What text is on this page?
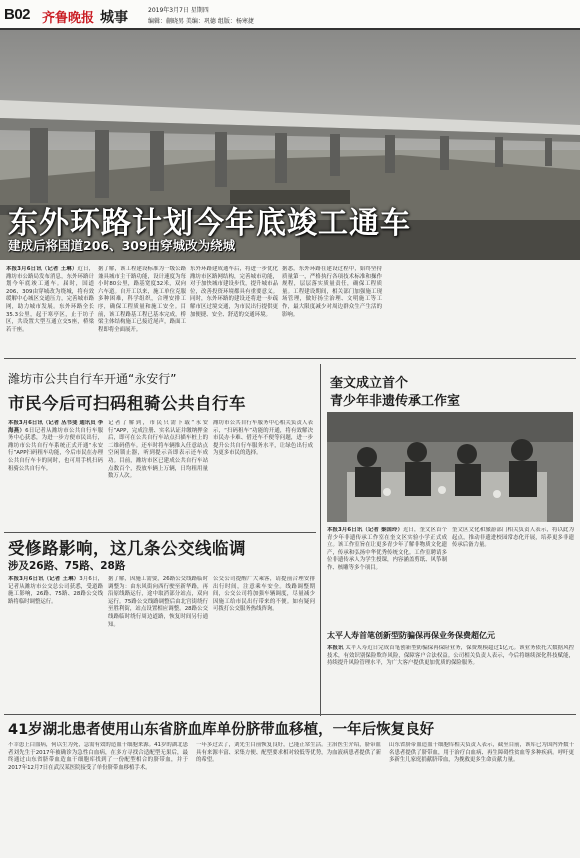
B02 齐鲁晚报 城事	2019年3月7日 星期四
编辑：蒯晓男 美编：巩德 组版：杨寒捷
东外环路计划今年底竣工通车
建成后将国道206、309由穿城改为绕城
本报3月6日讯（记者 王琳）近日，潍坊市公路局发布消息，东外环路计划今年底竣工通车。届时，国道206、309由穿城改为绕城，将有效缓解中心城区交通压力，完善城市路网，助力城市发展。东外环路全长35.3公里，起于寒亭区，止于坊子区，共设置大型互通立交5座，桥梁若干座。
据了解，该工程建设标准为一级公路兼具城市主干路功能，设计速度为每小时80公里，路基宽度32米，双向六车道。自开工以来，施工单位克服多种困难，科学组织，合理安排工序，确保工程质量和施工安全。目前，该工程路基工程已基本完成，桥梁主体结构施工已接近尾声，路面工程即将全面展开。
东外环路建成通车后，将进一步优化潍坊市区路网结构，完善城市功能，对于加快城市建设步伐，提升城市品位，改善投资环境都具有重要意义。同时，东外环路的建设还将进一步疏解市区过境交通，为市民出行提供更加便捷、安全、舒适的交通环境。
据悉，东外环路在建设过程中，始终坚持质量第一，严格执行各项技术标准和操作规程，层层落实质量责任，确保工程质量。工程建设期间，相关部门加强施工现场管理，做好扬尘治理、文明施工等工作，最大限度减少对周边群众生产生活的影响。
潍坊市公共自行车开通“永安行”
市民今后可扫码租骑公共自行车
本报3月6日讯（记者 丛书斐 通讯员 李海燕）6日记者从潍坊市公共自行车服务中心获悉，为进一步方便市民出行，潍坊市公共自行车系统正式开通“永安行”APP扫码租车功能，今后市民在办理公共自行车卡的同时，也可用手机扫码租骑公共自行车。
记者了解到，市民只需下载“永安行”APP，完成注册、实名认证并缴纳押金后，即可在公共自行车站点扫描车桩上的二维码借车。还车时将车辆推入任意站点空闲锁止器，听到提示音即表示还车成功。目前，潍坊市区已建成公共自行车站点数百个，投放车辆上万辆，日均租用量数万人次。
潍坊市公共自行车服务中心相关负责人表示，“扫码租车”功能的开通，将有效解决市民办卡难、借还车不便等问题，进一步提升公共自行车服务水平，让绿色出行成为更多市民的选择。
奎文成立首个
青少年非遗传承工作室
本报3月6日讯（记者 秦国玲）近日，奎文区首个青少年非遗传承工作室在奎文区实验小学正式成立。该工作室旨在让更多青少年了解非物质文化遗产，传承和弘扬中华优秀传统文化。工作室聘请多位非遗传承人为学生授课，内容涵盖剪纸、风筝制作、核雕等多个项目。
奎文区文化和旅游部门相关负责人表示，将以此为起点，推动非遗进校园常态化开展，培养更多非遗传承后备力量。
太平人寿首笔创新型防骗保再保业务保费超亿元
本报讯 太平人寿近日完成首笔创新型防骗保再保险业务，保费规模超过1亿元。该业务依托大数据风控技术，有效识别保险欺诈风险，保障客户合法权益。公司相关负责人表示，今后将继续深化科技赋能，持续提升风险管理水平，为广大客户提供更加优质的保险服务。
受修路影响，这几条公交线临调
涉及26路、75路、28路
本报3月6日讯（记者 王琳）3月6日，记者从潍坊市公交总公司获悉，受道路施工影响，26路、75路、28路公交线路将临时调整运行。
据了解，因施工需要，26路公交线路临时调整为：由东风街向西行驶至新华路，再沿原线路运行，途中取消部分站点，双向运行。75路公交线路调整后由北宫街绕行至胜利街，站点设置相应调整。28路公交线路临时绕行周边道路，恢复时间另行通知。
公交公司提醒广大乘客，请提前合理安排出行时间，注意乘车安全。线路调整期间，公交公司将加强车辆调度，尽量减少因施工给市民出行带来的不便。如有疑问可拨打公交服务热线咨询。
41岁湖北患者使用山东省脐血库单份脐带血移植，一年后恢复良好
不幸患上白血病，何以生为死，急需有效的造血干细胞来源。41岁的湖北患者刘先生于2017年被确诊为急性白血病，在多方寻找合适配型无果后，最终通过山东省脐带血造血干细胞库找到了一份配型相合的脐带血，并于2017年12月7日在武汉某医院接受了单份脐带血移植手术。
一年多过去了，刘先生目前恢复良好，已能正常生活。主治医生介绍，脐带血具有来源丰富、采集方便、配型要求相对较低等优势，为血液病患者提供了新的希望。
山东省脐带血造血干细胞库相关负责人表示，截至目前，该库已为国内外数千名患者提供了脐带血，用于治疗白血病、再生障碍性贫血等多种疾病。呼吁更多新生儿家庭捐献脐带血，为挽救更多生命贡献力量。
